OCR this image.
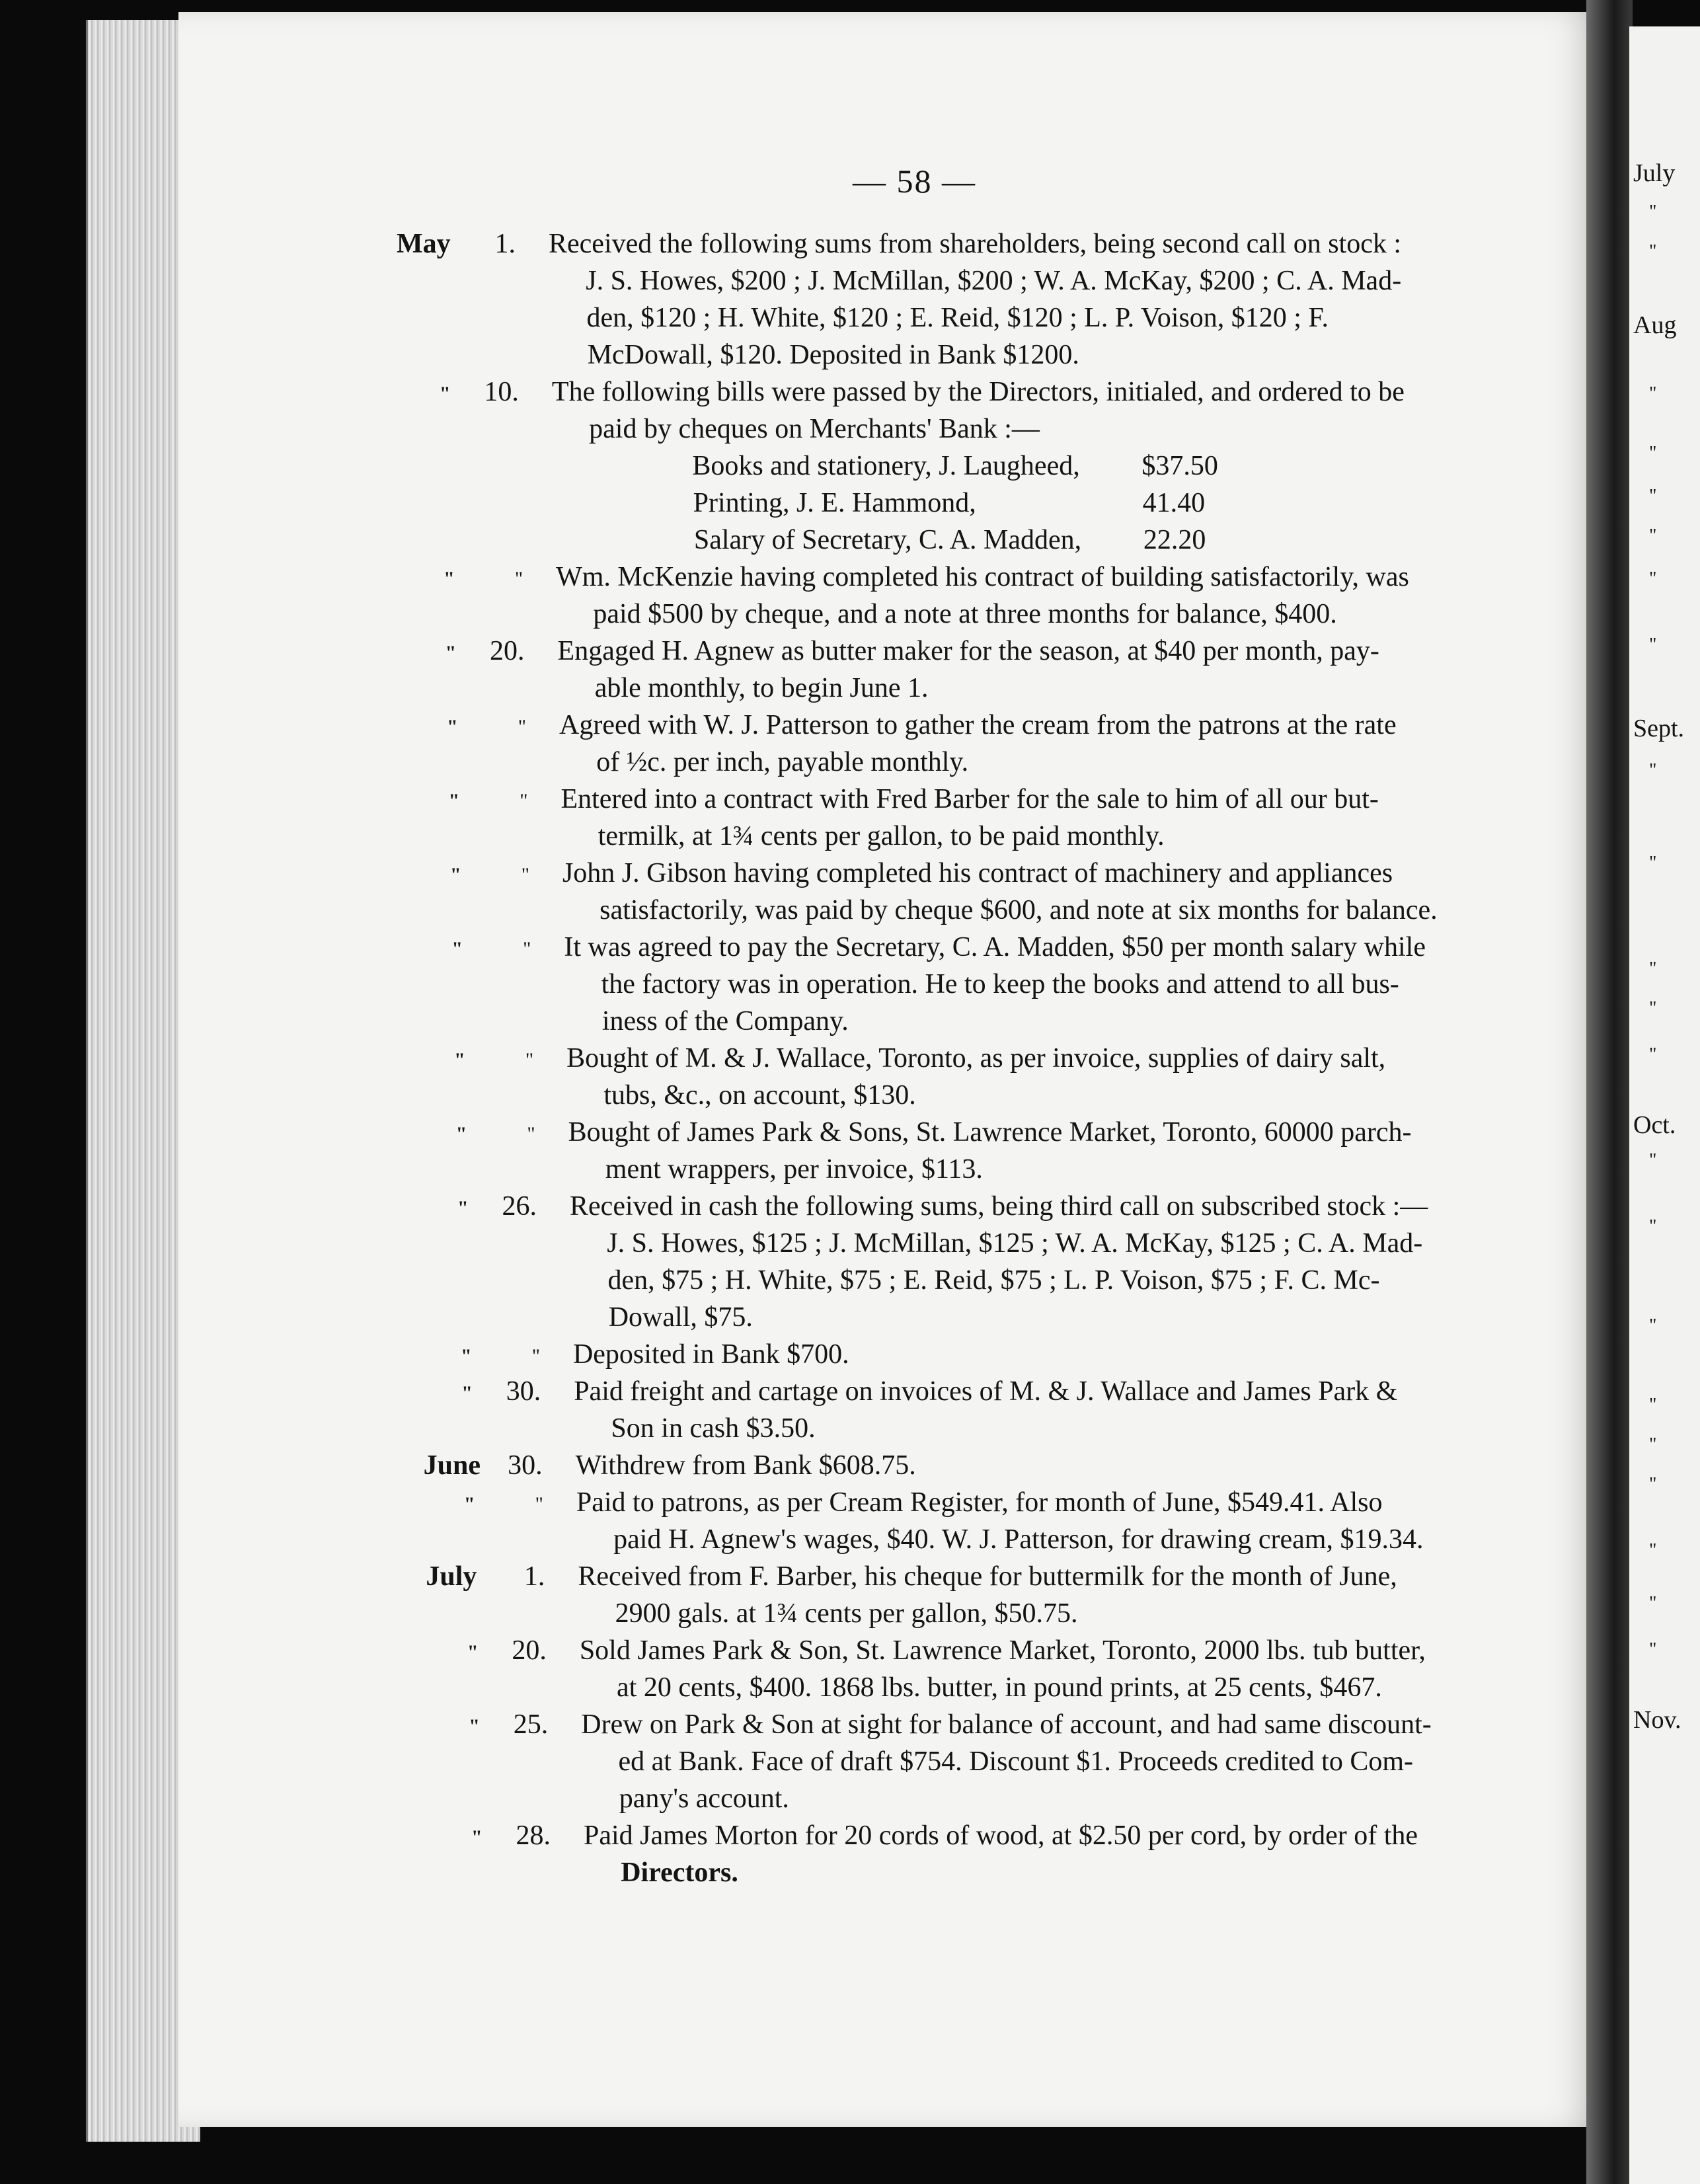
July
"
"
Aug
"
"
"
"
"
"
Sept.
"
"
"
"
"
Oct.
"
"
"
"
"
"
"
"
"
Nov.
— 58 —
May	1. Received the following sums from shareholders, being second call on stock :
J. S. Howes, $200 ; J. McMillan, $200 ; W. A. McKay, $200 ; C. A. Mad-
den, $120 ; H. White, $120 ; E. Reid, $120 ; L. P. Voison, $120 ; F.
McDowall, $120. Deposited in Bank $1200.
"	10. The following bills were passed by the Directors, initialed, and ordered to be
paid by cheques on Merchants' Bank :—
Books and stationery, J. Laugheed, $37.50
Printing, J. E. Hammond,	41.40
Salary of Secretary, C. A. Madden, 22.20
"	" Wm. McKenzie having completed his contract of building satisfactorily, was
paid $500 by cheque, and a note at three months for balance, $400.
"	20. Engaged H. Agnew as butter maker for the season, at $40 per month, pay-
able monthly, to begin June 1.
"	" Agreed with W. J. Patterson to gather the cream from the patrons at the rate
of ½c. per inch, payable monthly.
"	" Entered into a contract with Fred Barber for the sale to him of all our but-
termilk, at 1¾ cents per gallon, to be paid monthly.
"	" John J. Gibson having completed his contract of machinery and appliances
satisfactorily, was paid by cheque $600, and note at six months for balance.
"	" It was agreed to pay the Secretary, C. A. Madden, $50 per month salary while
the factory was in operation. He to keep the books and attend to all bus-
iness of the Company.
"	" Bought of M. & J. Wallace, Toronto, as per invoice, supplies of dairy salt,
tubs, &c., on account, $130.
"	" Bought of James Park & Sons, St. Lawrence Market, Toronto, 60000 parch-
ment wrappers, per invoice, $113.
"	26. Received in cash the following sums, being third call on subscribed stock :—
J. S. Howes, $125 ; J. McMillan, $125 ; W. A. McKay, $125 ; C. A. Mad-
den, $75 ; H. White, $75 ; E. Reid, $75 ; L. P. Voison, $75 ; F. C. Mc-
Dowall, $75.
"	" Deposited in Bank $700.
"	30. Paid freight and cartage on invoices of M. & J. Wallace and James Park &
Son in cash $3.50.
June 30. Withdrew from Bank $608.75.
"	" Paid to patrons, as per Cream Register, for month of June, $549.41. Also
paid H. Agnew's wages, $40. W. J. Patterson, for drawing cream, $19.34.
July	1. Received from F. Barber, his cheque for buttermilk for the month of June,
2900 gals. at 1¾ cents per gallon, $50.75.
"	20. Sold James Park & Son, St. Lawrence Market, Toronto, 2000 lbs. tub butter,
at 20 cents, $400. 1868 lbs. butter, in pound prints, at 25 cents, $467.
"	25. Drew on Park & Son at sight for balance of account, and had same discount-
ed at Bank. Face of draft $754. Discount $1. Proceeds credited to Com-
pany's account.
"	28. Paid James Morton for 20 cords of wood, at $2.50 per cord, by order of the
Directors.
